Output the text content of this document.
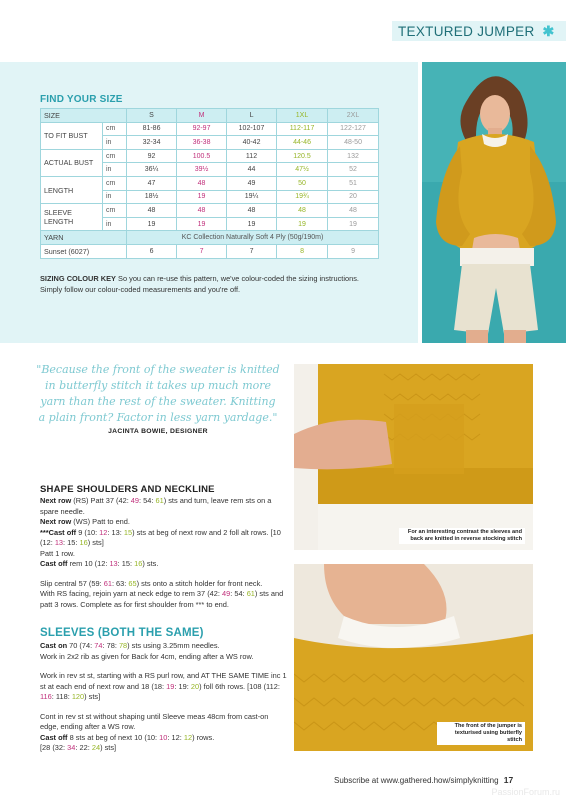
TEXTURED JUMPER ✱
FIND YOUR SIZE
SIZE		S	M	L	1XL	2XL
TO FIT BUST	cm	81-86	92-97	102-107	112-117	122-127
	in	32-34	36-38	40-42	44-46	48-50
ACTUAL BUST	cm	92	100.5	112	120.5	132
	in	36¼	39½	44	47½	52
LENGTH	cm	47	48	49	50	51
	in	18½	19	19¼	19¾	20
SLEEVE LENGTH	cm	48	48	48	48	48
	in	19	19	19	19	19
YARN		KC Collection Naturally Soft 4 Ply (50g/190m)				
Sunset (6027)		6	7	7	8	9
SIZING COLOUR KEY So you can re-use this pattern, we've colour-coded the sizing instructions. Simply follow our colour-coded measurements and you're off.
"Because the front of the sweater is knitted in butterfly stitch it takes up much more yarn than the rest of the sweater. Knitting a plain front? Factor in less yarn yardage."
JACINTA BOWIE, DESIGNER
For an interesting contrast the sleeves and back are knitted in reverse stocking stitch
The front of the jumper is texturised using butterfly stitch
SHAPE SHOULDERS AND NECKLINE
Next row (RS) Patt 37 (42: 49: 54: 61) sts and turn, leave rem sts on a spare needle.
Next row (WS) Patt to end.
***Cast off 9 (10: 12: 13: 15) sts at beg of next row and 2 foll alt rows. [10 (12: 13: 15: 16) sts]
Patt 1 row.
Cast off rem 10 (12: 13: 15: 16) sts.
Slip central 57 (59: 61: 63: 65) sts onto a stitch holder for front neck.
With RS facing, rejoin yarn at neck edge to rem 37 (42: 49: 54: 61) sts and patt 3 rows. Complete as for first shoulder from *** to end.
SLEEVES (BOTH THE SAME)
Cast on 70 (74: 74: 78: 78) sts using 3.25mm needles.
Work in 2x2 rib as given for Back for 4cm, ending after a WS row.
Work in rev st st, starting with a RS purl row, and AT THE SAME TIME inc 1 st at each end of next row and 18 (18: 19: 19: 20) foll 6th rows. [108 (112: 116: 118: 120) sts]
Cont in rev st st without shaping until Sleeve meas 48cm from cast-on edge, ending after a WS row.
Cast off 8 sts at beg of next 10 (10: 10: 12: 12) rows.
[28 (32: 34: 22: 24) sts]
Subscribe at www.gathered.how/simplyknitting 17
PassionForum.ru
